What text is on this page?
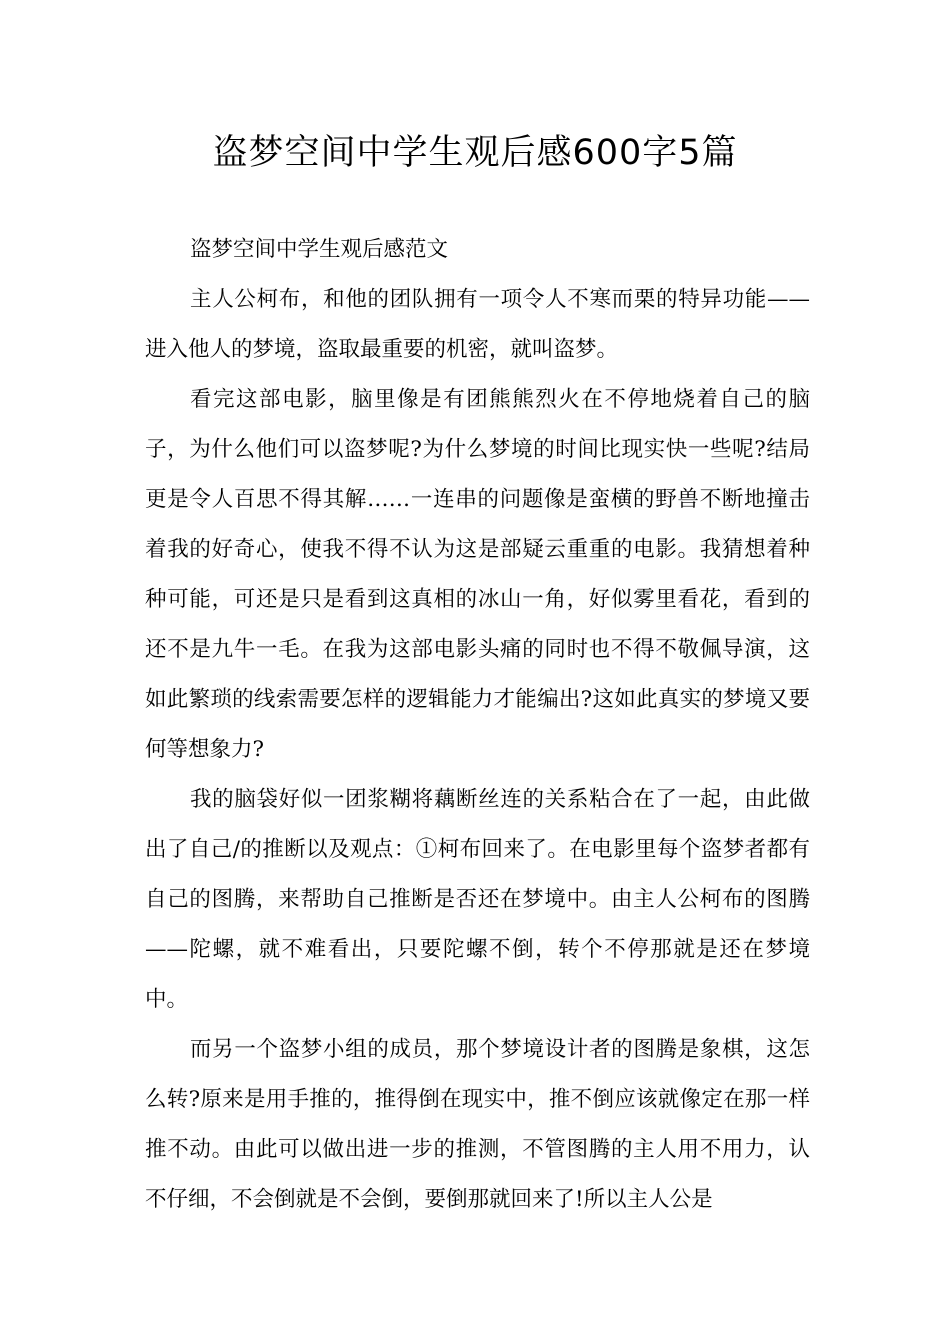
盗梦空间中学生观后感600字5篇

盗梦空间中学生观后感范文

主人公柯布，和他的团队拥有一项令人不寒而栗的特异功能——进入他人的梦境，盗取最重要的机密，就叫盗梦。

看完这部电影，脑里像是有团熊熊烈火在不停地烧着自己的脑子，为什么他们可以盗梦呢?为什么梦境的时间比现实快一些呢?结局更是令人百思不得其解……一连串的问题像是蛮横的野兽不断地撞击着我的好奇心，使我不得不认为这是部疑云重重的电影。我猜想着种种可能，可还是只是看到这真相的冰山一角，好似雾里看花，看到的还不是九牛一毛。在我为这部电影头痛的同时也不得不敬佩导演，这如此繁琐的线索需要怎样的逻辑能力才能编出?这如此真实的梦境又要何等想象力?

我的脑袋好似一团浆糊将藕断丝连的关系粘合在了一起，由此做出了自己/的推断以及观点：①柯布回来了。在电影里每个盗梦者都有自己的图腾，来帮助自己推断是否还在梦境中。由主人公柯布的图腾——陀螺，就不难看出，只要陀螺不倒，转个不停那就是还在梦境中。

而另一个盗梦小组的成员，那个梦境设计者的图腾是象棋，这怎么转?原来是用手推的，推得倒在现实中，推不倒应该就像定在那一样推不动。由此可以做出进一步的推测，不管图腾的主人用不用力，认不仔细，不会倒就是不会倒，要倒那就回来了!所以主人公是
